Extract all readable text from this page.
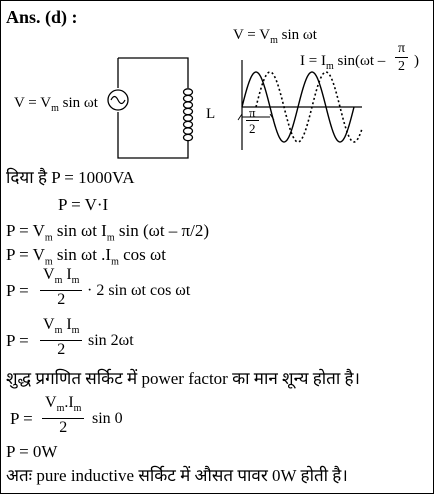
Ans. (d) :
L
$V = V_m$ sin ωt
$V = V_m$ sin ωt
$I = I_m$ $\sin(\omega t - \frac{\pi}{2}$ )
$\frac{\pi}{2}$
दिया है P = 1000VA
P = V·I
$P = V_m$ sin ωt $I_m$ sin (ωt – π/2)
$P = V_m$ sin ωt $.I_m$ cos ωt
$P = \frac{V_m I_m}{2} \cdot 2$ sin ωt cos ωt
$P = \frac{V_m I_m}{2}$ sin 2ωt
शुद्ध प्रगणित सर्किट में power factor का मान शून्य होता है।
$P = \frac{V_m.I_m}{2}$ sin 0
P = 0W
अतः pure inductive सर्किट में औसत पावर 0W होती है।
